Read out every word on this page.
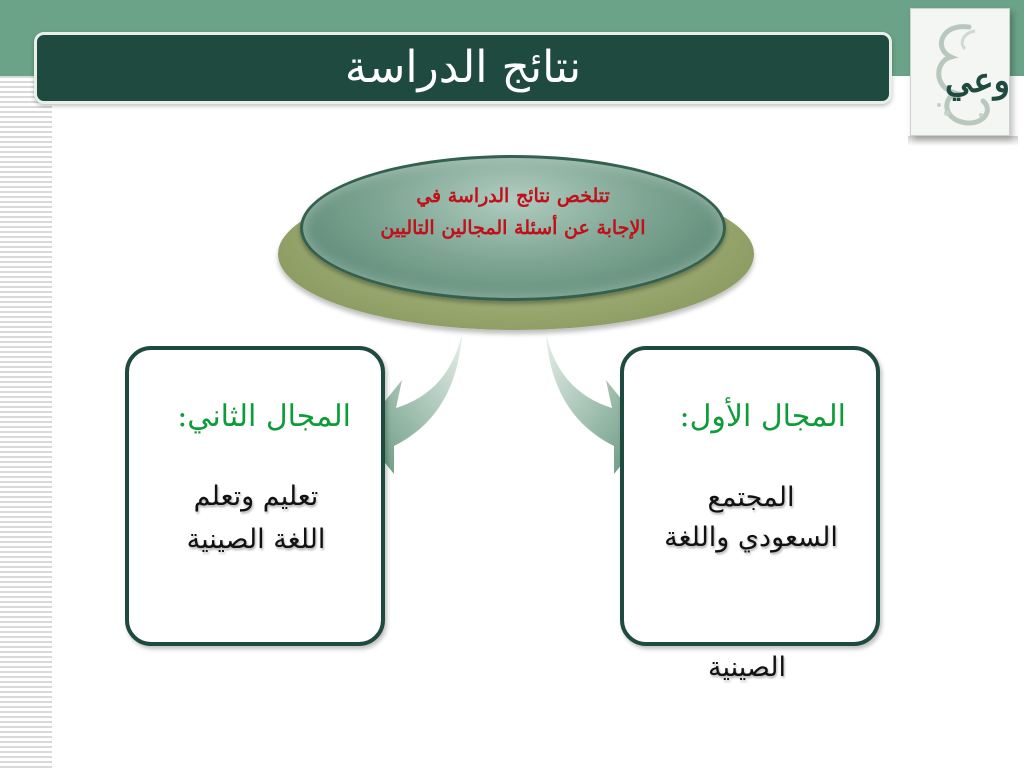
نتائج الدراسة	وعي
تتلخص نتائج الدراسة في
الإجابة عن أسئلة المجالين التاليين
المجال الأول:
المجتمع
السعودي واللغة
الصينية
المجال الثاني:
تعليم وتعلم
اللغة الصينية
